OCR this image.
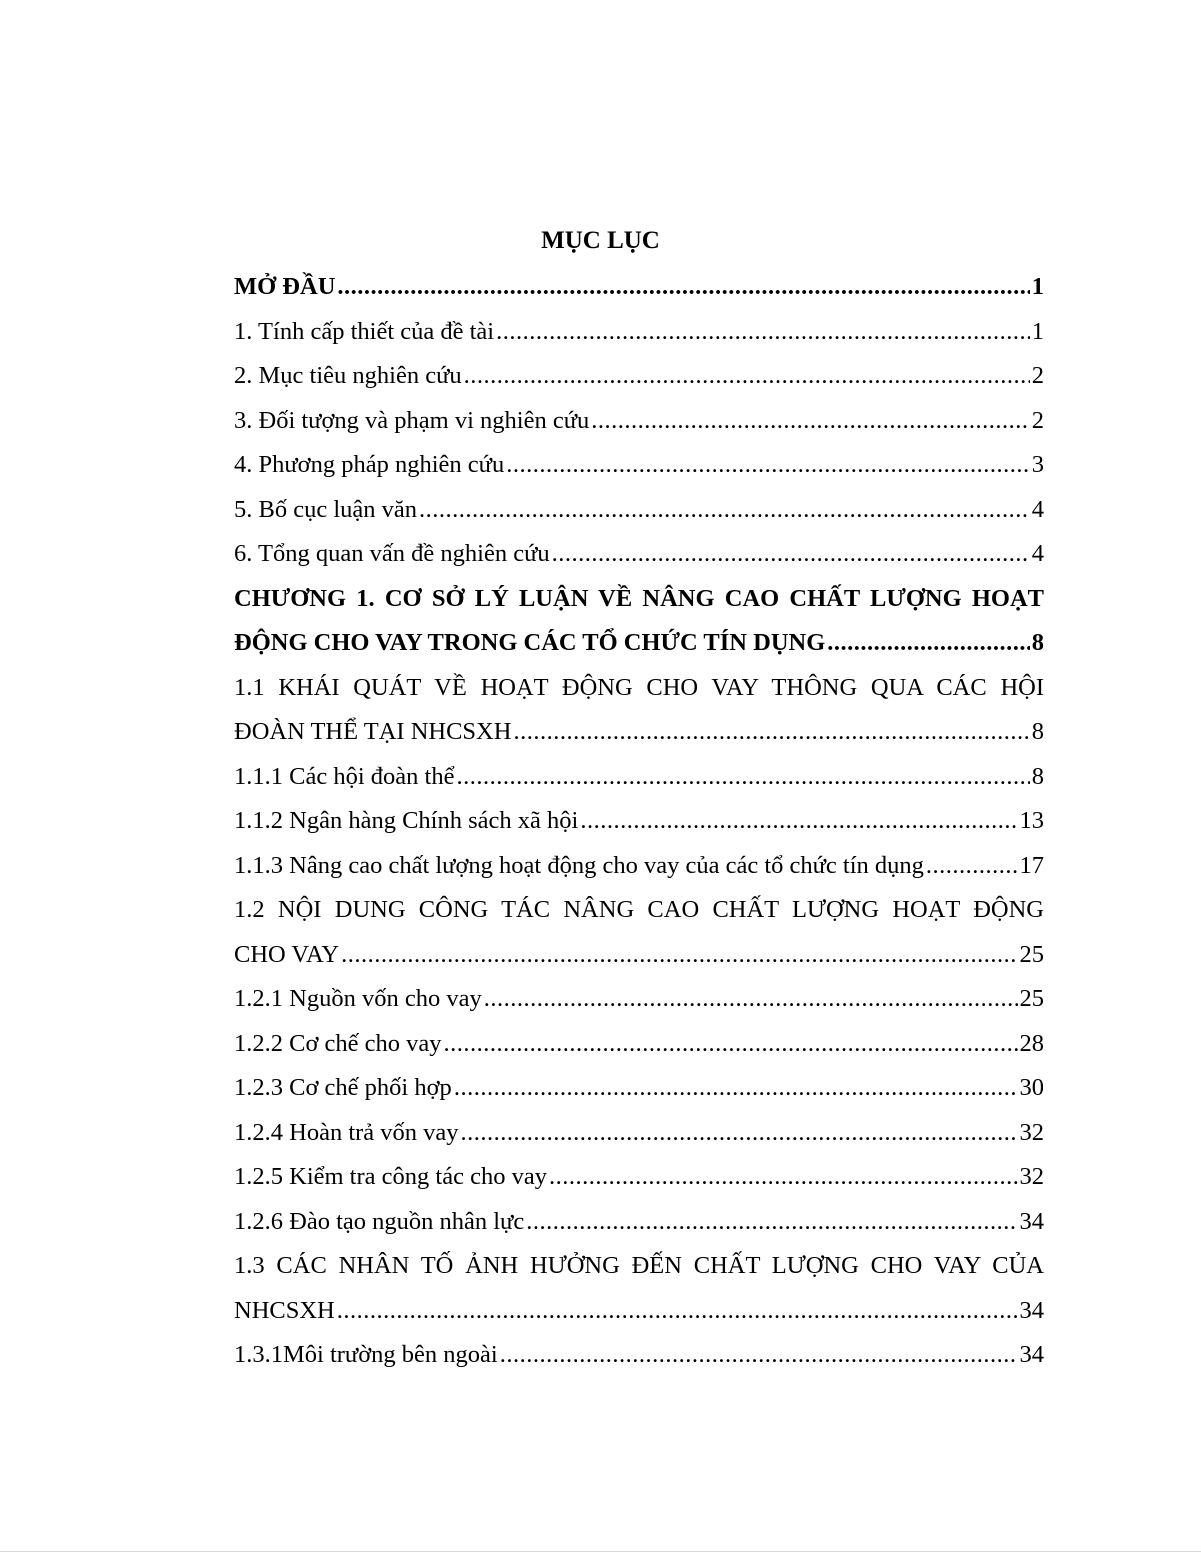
MỤC LỤC
MỞ ĐẦU .....	1
1. Tính cấp thiết của đề tài .....	1
2. Mục tiêu nghiên cứu .....	2
3. Đối tượng và phạm vi nghiên cứu .....	2
4. Phương pháp nghiên cứu .....	3
5. Bố cục luận văn .....	4
6. Tổng quan vấn đề nghiên cứu .....	4
CHƯƠNG 1. CƠ SỞ LÝ LUẬN VỀ NÂNG CAO CHẤT LƯỢNG HOẠT
ĐỘNG CHO VAY TRONG CÁC TỔ CHỨC TÍN DỤNG .....	8
1.1 KHÁI QUÁT VỀ HOẠT ĐỘNG CHO VAY THÔNG QUA CÁC HỘI
ĐOÀN THỂ TẠI NHCSXH .....	8
1.1.1 Các hội đoàn thể .....	8
1.1.2 Ngân hàng Chính sách xã hội .....	13
1.1.3 Nâng cao chất lượng hoạt động cho vay của các tổ chức tín dụng .....	17
1.2 NỘI DUNG CÔNG TÁC NÂNG CAO CHẤT LƯỢNG HOẠT ĐỘNG
CHO VAY .....	25
1.2.1 Nguồn vốn cho vay .....	25
1.2.2 Cơ chế cho vay .....	28
1.2.3 Cơ chế phối hợp .....	30
1.2.4 Hoàn trả vốn vay .....	32
1.2.5 Kiểm tra công tác cho vay .....	32
1.2.6 Đào tạo nguồn nhân lực .....	34
1.3 CÁC NHÂN TỐ ẢNH HƯỞNG ĐẾN CHẤT LƯỢNG CHO VAY CỦA
NHCSXH .....	34
1.3.1Môi trường bên ngoài .....	34
